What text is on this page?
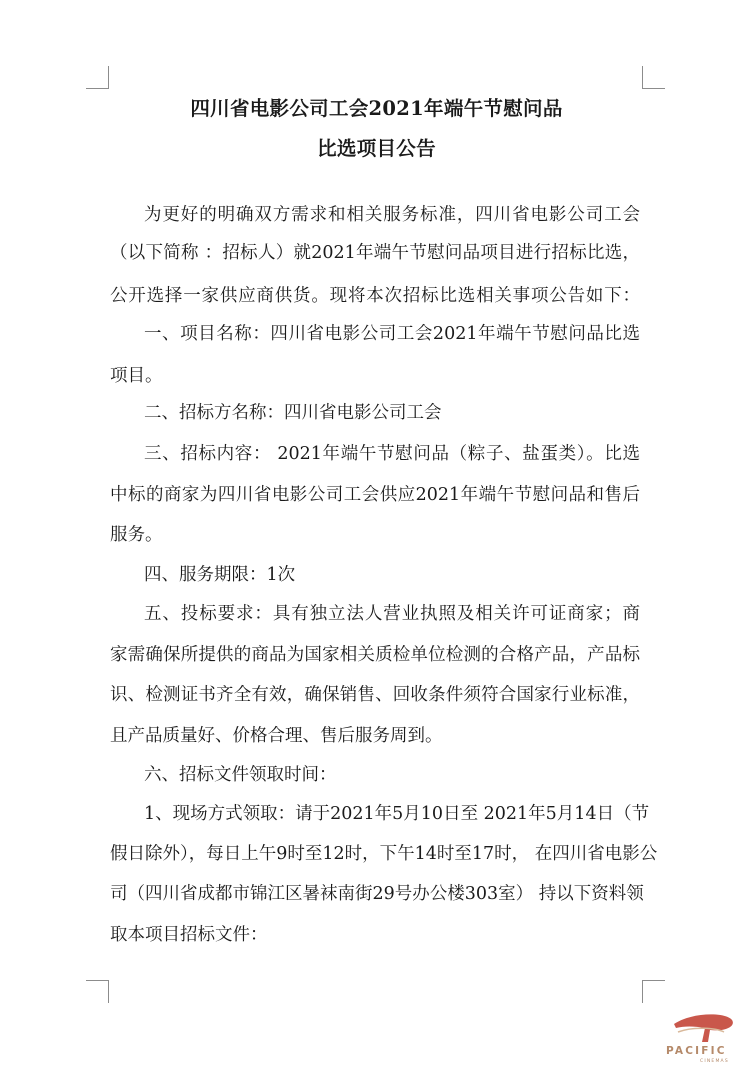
四川省电影公司工会2021年端午节慰问品
比选项目公告
为更好的明确双方需求和相关服务标准，四川省电影公司工会
（以下简称 ：招标人）就2021年端午节慰问品项目进行招标比选，
公开选择一家供应商供货。现将本次招标比选相关事项公告如下：
一、项目名称：四川省电影公司工会2021年端午节慰问品比选
项目。
二、招标方名称：四川省电影公司工会
三、招标内容： 2021年端午节慰问品（粽子、盐蛋类）。比选
中标的商家为四川省电影公司工会供应2021年端午节慰问品和售后
服务。
四、服务期限：1次
五、投标要求：具有独立法人营业执照及相关许可证商家；商
家需确保所提供的商品为国家相关质检单位检测的合格产品，产品标
识、检测证书齐全有效，确保销售、回收条件须符合国家行业标准，
且产品质量好、价格合理、售后服务周到。
六、招标文件领取时间：
1、现场方式领取：请于2021年5月10日至 2021年5月14日（节
假日除外），每日上午9时至12时，下午14时至17时， 在四川省电影公
司（四川省成都市锦江区暑袜南街29号办公楼303室） 持以下资料领
取本项目招标文件：
PACIFIC
CINEMAS
